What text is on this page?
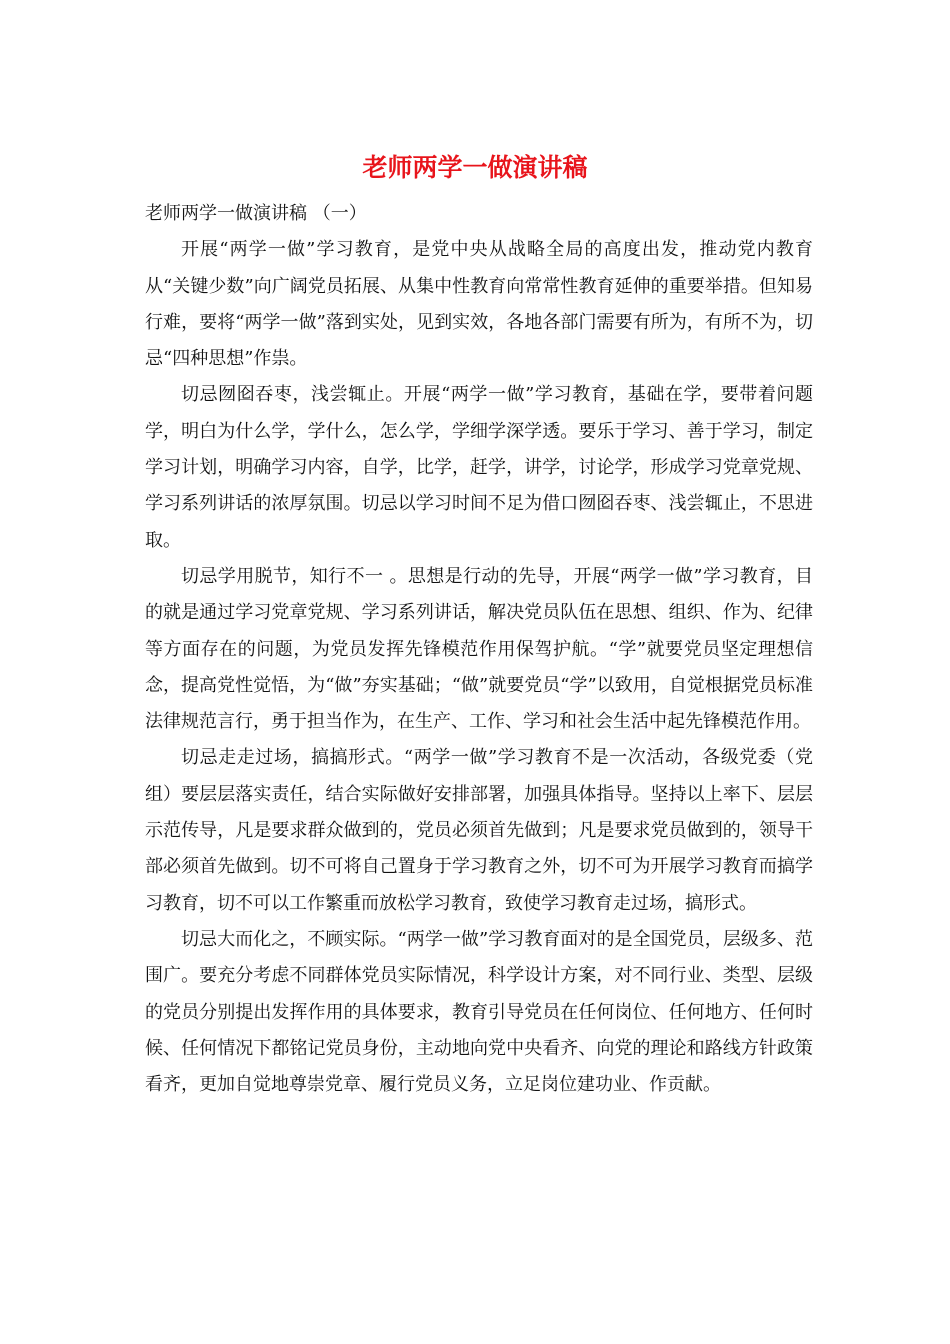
老师两学一做演讲稿

老师两学一做演讲稿 （一）

开展“两学一做”学习教育，是党中央从战略全局的高度出发，推动党内教育从“关键少数”向广阔党员拓展、从集中性教育向常常性教育延伸的重要举措。但知易行难，要将“两学一做”落到实处，见到实效，各地各部门需要有所为，有所不为，切忌“四种思想”作祟。

切忌囫囵吞枣，浅尝辄止。开展“两学一做”学习教育，基础在学，要带着问题学，明白为什么学，学什么，怎么学，学细学深学透。要乐于学习、善于学习，制定学习计划，明确学习内容，自学，比学，赶学，讲学，讨论学，形成学习党章党规、学习系列讲话的浓厚氛围。切忌以学习时间不足为借口囫囵吞枣、浅尝辄止，不思进取。

切忌学用脱节，知行不一 。思想是行动的先导，开展“两学一做”学习教育，目的就是通过学习党章党规、学习系列讲话，解决党员队伍在思想、组织、作为、纪律等方面存在的问题，为党员发挥先锋模范作用保驾护航。“学”就要党员坚定理想信念，提高党性觉悟，为“做”夯实基础；“做”就要党员“学”以致用，自觉根据党员标准法律规范言行，勇于担当作为，在生产、工作、学习和社会生活中起先锋模范作用。

切忌走走过场，搞搞形式。“两学一做”学习教育不是一次活动，各级党委（党组）要层层落实责任，结合实际做好安排部署，加强具体指导。坚持以上率下、层层示范传导，凡是要求群众做到的，党员必须首先做到；凡是要求党员做到的，领导干部必须首先做到。切不可将自己置身于学习教育之外，切不可为开展学习教育而搞学习教育，切不可以工作繁重而放松学习教育，致使学习教育走过场，搞形式。

切忌大而化之，不顾实际。“两学一做”学习教育面对的是全国党员，层级多、范围广。要充分考虑不同群体党员实际情况，科学设计方案，对不同行业、类型、层级的党员分别提出发挥作用的具体要求，教育引导党员在任何岗位、任何地方、任何时候、任何情况下都铭记党员身份，主动地向党中央看齐、向党的理论和路线方针政策看齐，更加自觉地尊崇党章、履行党员义务，立足岗位建功业、作贡献。
